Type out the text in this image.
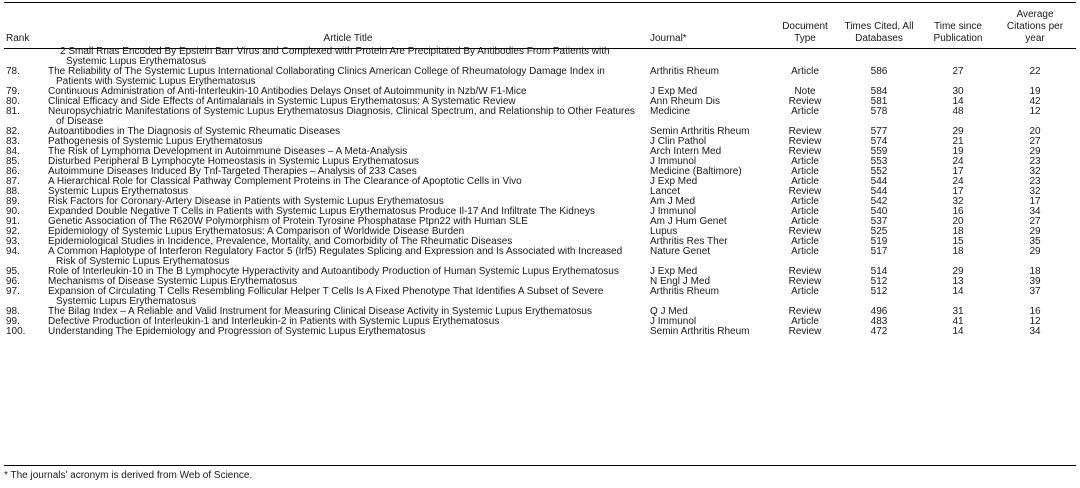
Rank	Article Title	Journal*	Document Type	Times Cited, All Databases	Time since Publication	Average Citations per year
	2 Small Rnas Encoded By Epstein Barr Virus and Complexed with Protein Are Precipitated By Antibodies From Patients with Systemic Lupus Erythematosus					
78.	The Reliability of The Systemic Lupus International Collaborating Clinics American College of Rheumatology Damage Index in Patients with Systemic Lupus Erythematosus	Arthritis Rheum	Article	586	27	22
79.	Continuous Administration of Anti-Interleukin-10 Antibodies Delays Onset of Autoimmunity in Nzb/W F1-Mice	J Exp Med	Note	584	30	19
80.	Clinical Efficacy and Side Effects of Antimalarials in Systemic Lupus Erythematosus: A Systematic Review	Ann Rheum Dis	Review	581	14	42
81.	Neuropsychiatric Manifestations of Systemic Lupus Erythematosus Diagnosis, Clinical Spectrum, and Relationship to Other Features of Disease	Medicine	Article	578	48	12
82.	Autoantibodies in The Diagnosis of Systemic Rheumatic Diseases	Semin Arthritis Rheum	Review	577	29	20
83.	Pathogenesis of Systemic Lupus Erythematosus	J Clin Pathol	Review	574	21	27
84.	The Risk of Lymphoma Development in Autoimmune Diseases – A Meta-Analysis	Arch Intern Med	Review	559	19	29
85.	Disturbed Peripheral B Lymphocyte Homeostasis in Systemic Lupus Erythematosus	J Immunol	Article	553	24	23
86.	Autoimmune Diseases Induced By Tnf-Targeted Therapies – Analysis of 233 Cases	Medicine (Baltimore)	Article	552	17	32
87.	A Hierarchical Role for Classical Pathway Complement Proteins in The Clearance of Apoptotic Cells in Vivo	J Exp Med	Article	544	24	23
88.	Systemic Lupus Erythematosus	Lancet	Review	544	17	32
89.	Risk Factors for Coronary-Artery Disease in Patients with Systemic Lupus Erythematosus	Am J Med	Article	542	32	17
90.	Expanded Double Negative T Cells in Patients with Systemic Lupus Erythematosus Produce Il-17 And Infiltrate The Kidneys	J Immunol	Article	540	16	34
91.	Genetic Association of The R620W Polymorphism of Protein Tyrosine Phosphatase Ptpn22 with Human SLE	Am J Hum Genet	Article	537	20	27
92.	Epidemiology of Systemic Lupus Erythematosus: A Comparison of Worldwide Disease Burden	Lupus	Review	525	18	29
93.	Epidemiological Studies in Incidence, Prevalence, Mortality, and Comorbidity of The Rheumatic Diseases	Arthritis Res Ther	Article	519	15	35
94.	A Common Haplotype of Interferon Regulatory Factor 5 (Irf5) Regulates Splicing and Expression and Is Associated with Increased Risk of Systemic Lupus Erythematosus	Nature Genet	Article	517	18	29
95.	Role of Interleukin-10 in The B Lymphocyte Hyperactivity and Autoantibody Production of Human Systemic Lupus Erythematosus	J Exp Med	Review	514	29	18
96.	Mechanisms of Disease Systemic Lupus Erythematosus	N Engl J Med	Review	512	13	39
97.	Expansion of Circulating T Cells Resembling Follicular Helper T Cells Is A Fixed Phenotype That Identifies A Subset of Severe Systemic Lupus Erythematosus	Arthritis Rheum	Article	512	14	37
98.	The Bilag Index – A Reliable and Valid Instrument for Measuring Clinical Disease Activity in Systemic Lupus Erythematosus	Q J Med	Review	496	31	16
99.	Defective Production of Interleukin-1 and Interleukin-2 in Patients with Systemic Lupus Erythematosus	J Immunol	Article	483	41	12
100.	Understanding The Epidemiology and Progression of Systemic Lupus Erythematosus	Semin Arthritis Rheum	Review	472	14	34
* The journals’ acronym is derived from Web of Science.
